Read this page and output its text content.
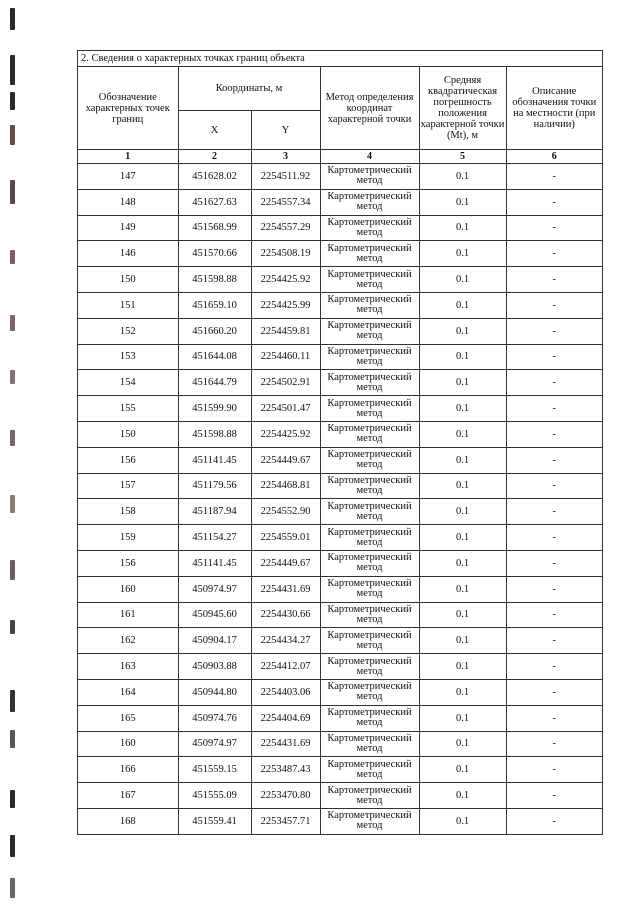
2. Сведения о характерных точках границ объекта
Обозначение характерных точек границ	Координаты, м		Метод определения координат характерной точки	Средняя квадратическая погрешность положения характерной точки (Mt), м	Описание обозначения точки на местности (при наличии)
	X	Y			
1	2	3	4	5	6
147	451628.02	2254511.92	Картометрический метод	0.1	-
148	451627.63	2254557.34	Картометрический метод	0.1	-
149	451568.99	2254557.29	Картометрический метод	0.1	-
146	451570.66	2254508.19	Картометрический метод	0.1	-
150	451598.88	2254425.92	Картометрический метод	0.1	-
151	451659.10	2254425.99	Картометрический метод	0.1	-
152	451660.20	2254459.81	Картометрический метод	0.1	-
153	451644.08	2254460.11	Картометрический метод	0.1	-
154	451644.79	2254502.91	Картометрический метод	0.1	-
155	451599.90	2254501.47	Картометрический метод	0.1	-
150	451598.88	2254425.92	Картометрический метод	0.1	-
156	451141.45	2254449.67	Картометрический метод	0.1	-
157	451179.56	2254468.81	Картометрический метод	0.1	-
158	451187.94	2254552.90	Картометрический метод	0.1	-
159	451154.27	2254559.01	Картометрический метод	0.1	-
156	451141.45	2254449.67	Картометрический метод	0.1	-
160	450974.97	2254431.69	Картометрический метод	0.1	-
161	450945.60	2254430.66	Картометрический метод	0.1	-
162	450904.17	2254434.27	Картометрический метод	0.1	-
163	450903.88	2254412.07	Картометрический метод	0.1	-
164	450944.80	2254403.06	Картометрический метод	0.1	-
165	450974.76	2254404.69	Картометрический метод	0.1	-
160	450974.97	2254431.69	Картометрический метод	0.1	-
166	451559.15	2253487.43	Картометрический метод	0.1	-
167	451555.09	2253470.80	Картометрический метод	0.1	-
168	451559.41	2253457.71	Картометрический метод	0.1	-
